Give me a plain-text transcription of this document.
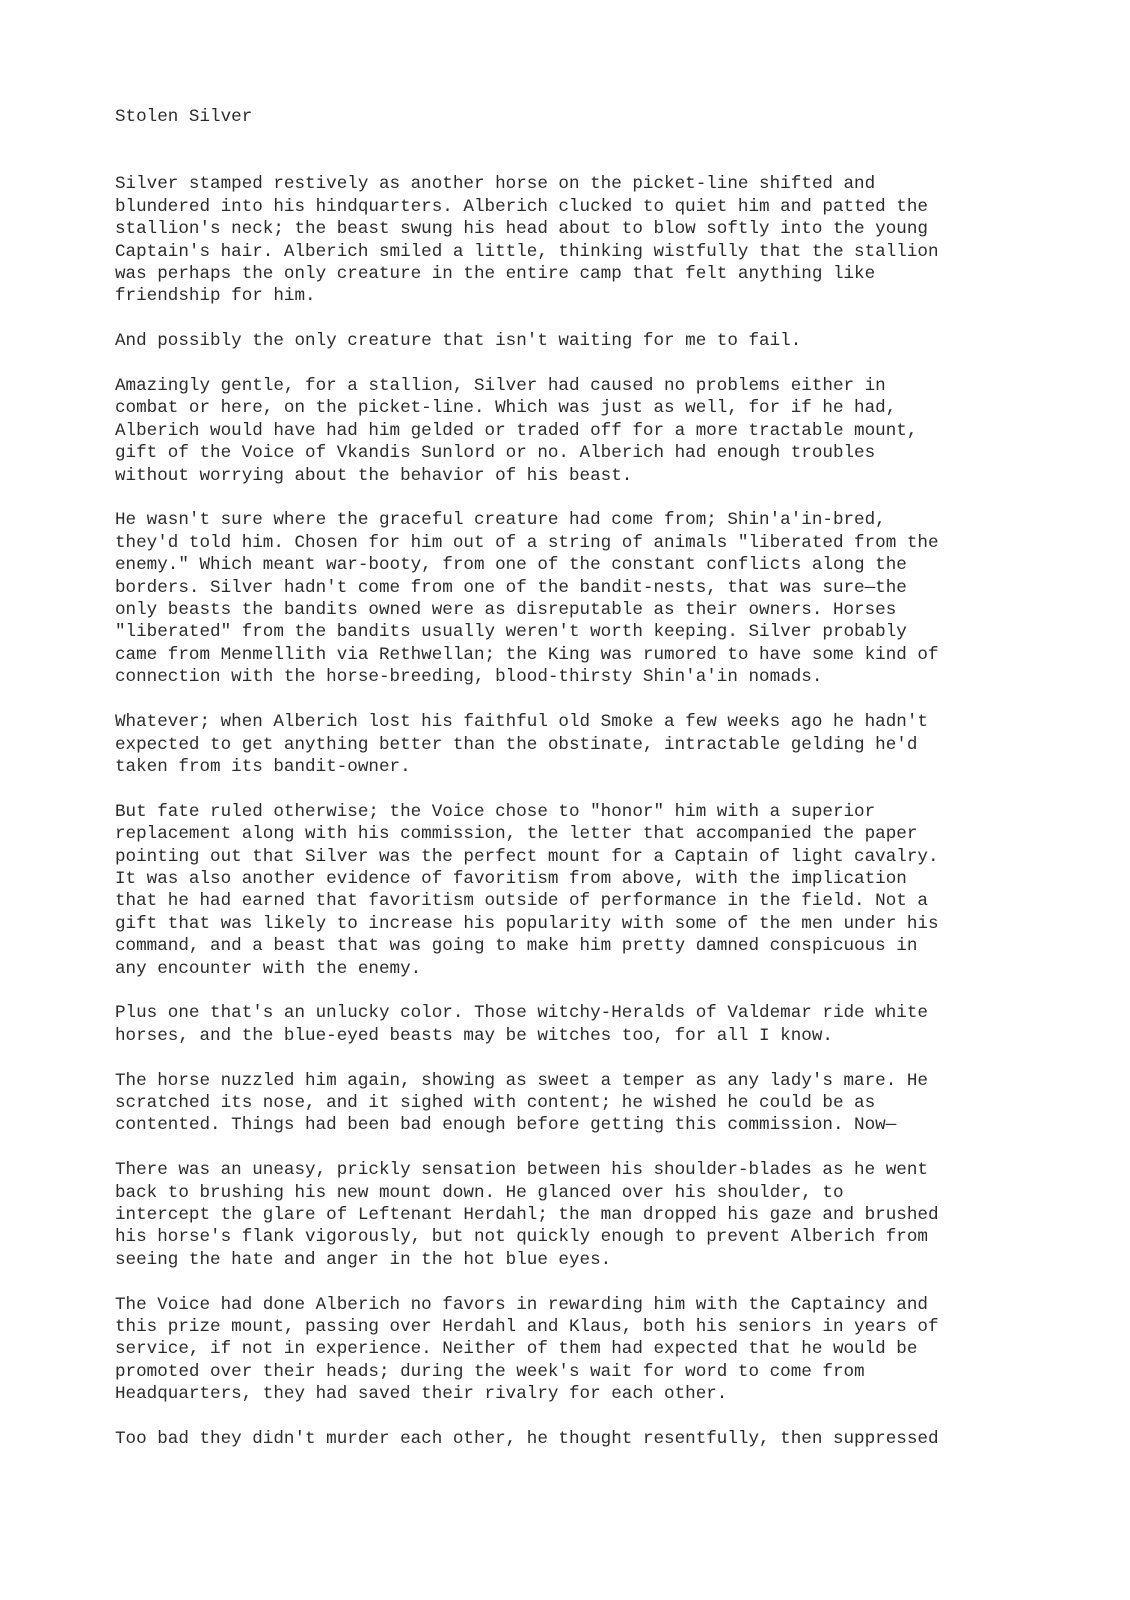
Stolen Silver
Silver stamped restively as another horse on the picket-line shifted and
blundered into his hindquarters. Alberich clucked to quiet him and patted the
stallion's neck; the beast swung his head about to blow softly into the young
Captain's hair. Alberich smiled a little, thinking wistfully that the stallion
was perhaps the only creature in the entire camp that felt anything like
friendship for him.
And possibly the only creature that isn't waiting for me to fail.
Amazingly gentle, for a stallion, Silver had caused no problems either in
combat or here, on the picket-line. Which was just as well, for if he had,
Alberich would have had him gelded or traded off for a more tractable mount,
gift of the Voice of Vkandis Sunlord or no. Alberich had enough troubles
without worrying about the behavior of his beast.
He wasn't sure where the graceful creature had come from; Shin'a'in-bred,
they'd told him. Chosen for him out of a string of animals "liberated from the
enemy." Which meant war-booty, from one of the constant conflicts along the
borders. Silver hadn't come from one of the bandit-nests, that was sure—the
only beasts the bandits owned were as disreputable as their owners. Horses
"liberated" from the bandits usually weren't worth keeping. Silver probably
came from Menmellith via Rethwellan; the King was rumored to have some kind of
connection with the horse-breeding, blood-thirsty Shin'a'in nomads.
Whatever; when Alberich lost his faithful old Smoke a few weeks ago he hadn't
expected to get anything better than the obstinate, intractable gelding he'd
taken from its bandit-owner.
But fate ruled otherwise; the Voice chose to "honor" him with a superior
replacement along with his commission, the letter that accompanied the paper
pointing out that Silver was the perfect mount for a Captain of light cavalry.
It was also another evidence of favoritism from above, with the implication
that he had earned that favoritism outside of performance in the field. Not a
gift that was likely to increase his popularity with some of the men under his
command, and a beast that was going to make him pretty damned conspicuous in
any encounter with the enemy.
Plus one that's an unlucky color. Those witchy-Heralds of Valdemar ride white
horses, and the blue-eyed beasts may be witches too, for all I know.
The horse nuzzled him again, showing as sweet a temper as any lady's mare. He
scratched its nose, and it sighed with content; he wished he could be as
contented. Things had been bad enough before getting this commission. Now—
There was an uneasy, prickly sensation between his shoulder-blades as he went
back to brushing his new mount down. He glanced over his shoulder, to
intercept the glare of Leftenant Herdahl; the man dropped his gaze and brushed
his horse's flank vigorously, but not quickly enough to prevent Alberich from
seeing the hate and anger in the hot blue eyes.
The Voice had done Alberich no favors in rewarding him with the Captaincy and
this prize mount, passing over Herdahl and Klaus, both his seniors in years of
service, if not in experience. Neither of them had expected that he would be
promoted over their heads; during the week's wait for word to come from
Headquarters, they had saved their rivalry for each other.
Too bad they didn't murder each other, he thought resentfully, then suppressed
